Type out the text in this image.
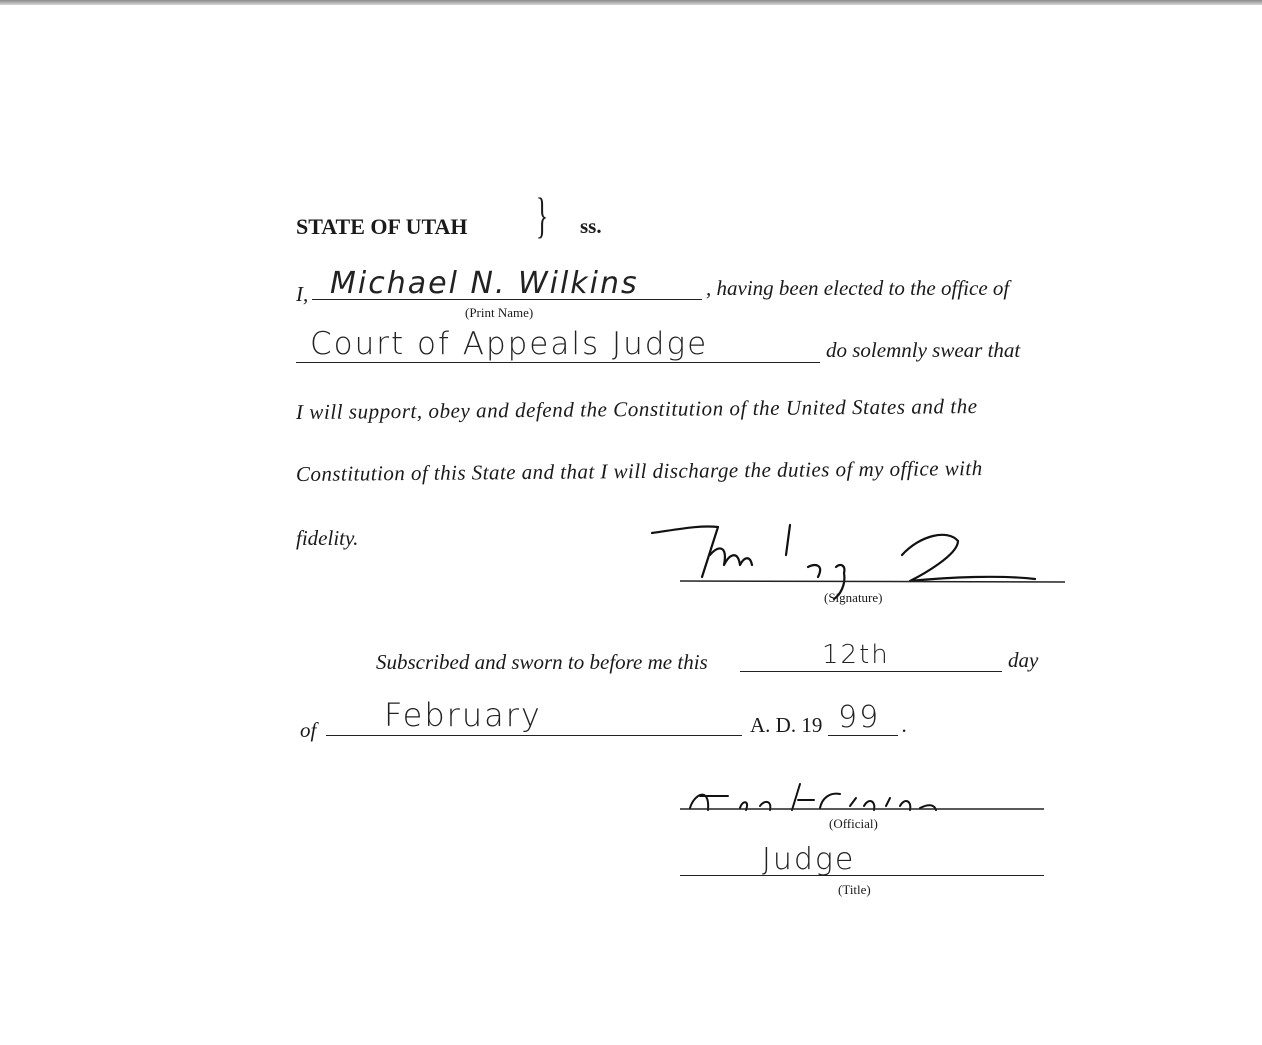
STATE OF UTAH } ss.
I, Michael N. Wilkins
(Print Name)
, having been elected to the office of
Court of Appeals Judge	do solemnly swear that
I will support, obey and defend the Constitution of the United States and the
Constitution of this State and that I will discharge the duties of my office with
fidelity.
(Signature)
Subscribed and sworn to before me this	12th	day
of February	A. D. 19 99 .
(Official)
Judge
(Title)
